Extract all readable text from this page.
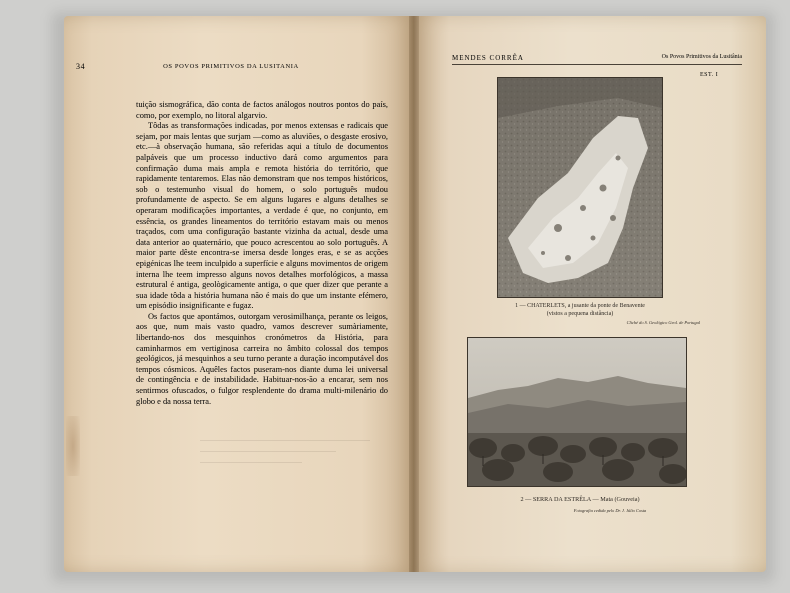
34	OS POVOS PRIMITIVOS DA LUSITANIA

tuição sismográfica, dão conta de factos análogos noutros pontos do país, como, por exemplo, no litoral algarvio.

Tôdas as transformações indicadas, por menos extensas e radicais que sejam, por mais lentas que surjam —como as aluviões, o desgaste erosivo, etc.—à observação humana, são referidas aqui a título de documentos palpáveis que um processo inductivo dará como argumentos para confirmação duma mais ampla e remota história do território, que rapidamente tentaremos. Elas não demonstram que nos tempos históricos, sob o testemunho visual do homem, o solo português mudou profundamente de aspecto. Se em alguns lugares e alguns detalhes se operaram modificações importantes, a verdade é que, no conjunto, em essência, os grandes lineamentos do território estavam mais ou menos traçados, com uma configuração bastante vizinha da actual, desde uma data anterior ao quaternário, que pouco acrescentou ao solo português. A maior parte dêste encontra-se imersa desde longes eras, e se as acções epigénicas lhe teem inculpido a superfície e alguns movimentos de origem interna lhe teem impresso alguns novos detalhes morfológicos, a massa estrutural é antiga, geològicamente antiga, o que quer dizer que perante a sua idade tôda a história humana não é mais do que um instante efémero, um episódio insignificante e fugaz.

Os factos que apontámos, outorgam verosimilhança, perante os leigos, aos que, num mais vasto quadro, vamos descrever sumàriamente, libertando-nos dos mesquinhos cronómetros da História, para caminharmos em vertiginosa carreira no âmbito colossal dos tempos geológicos, já mesquinhos a seu turno perante a duração incomputável dos tempos cósmicos. Aquêles factos puseram-nos diante duma lei universal de contingência e de instabilidade. Habituar-nos-ão a encarar, sem nos sentirmos ofuscados, o fulgor resplendente do drama multi-milenário do globo e da nossa terra.

MENDES CORRÊA	Os Povos Primitivos da Lusitânia
EST. I
1 — CHATERLETS, a jusante da ponte de Benavente
(vistos a pequena distância)
Cliché do S. Geológico Geol. de Portugal
2 — SERRA DA ESTRÊLA — Mata (Gouveia)
Fotografia cedida pelo Dr. J. Júlio Costa
